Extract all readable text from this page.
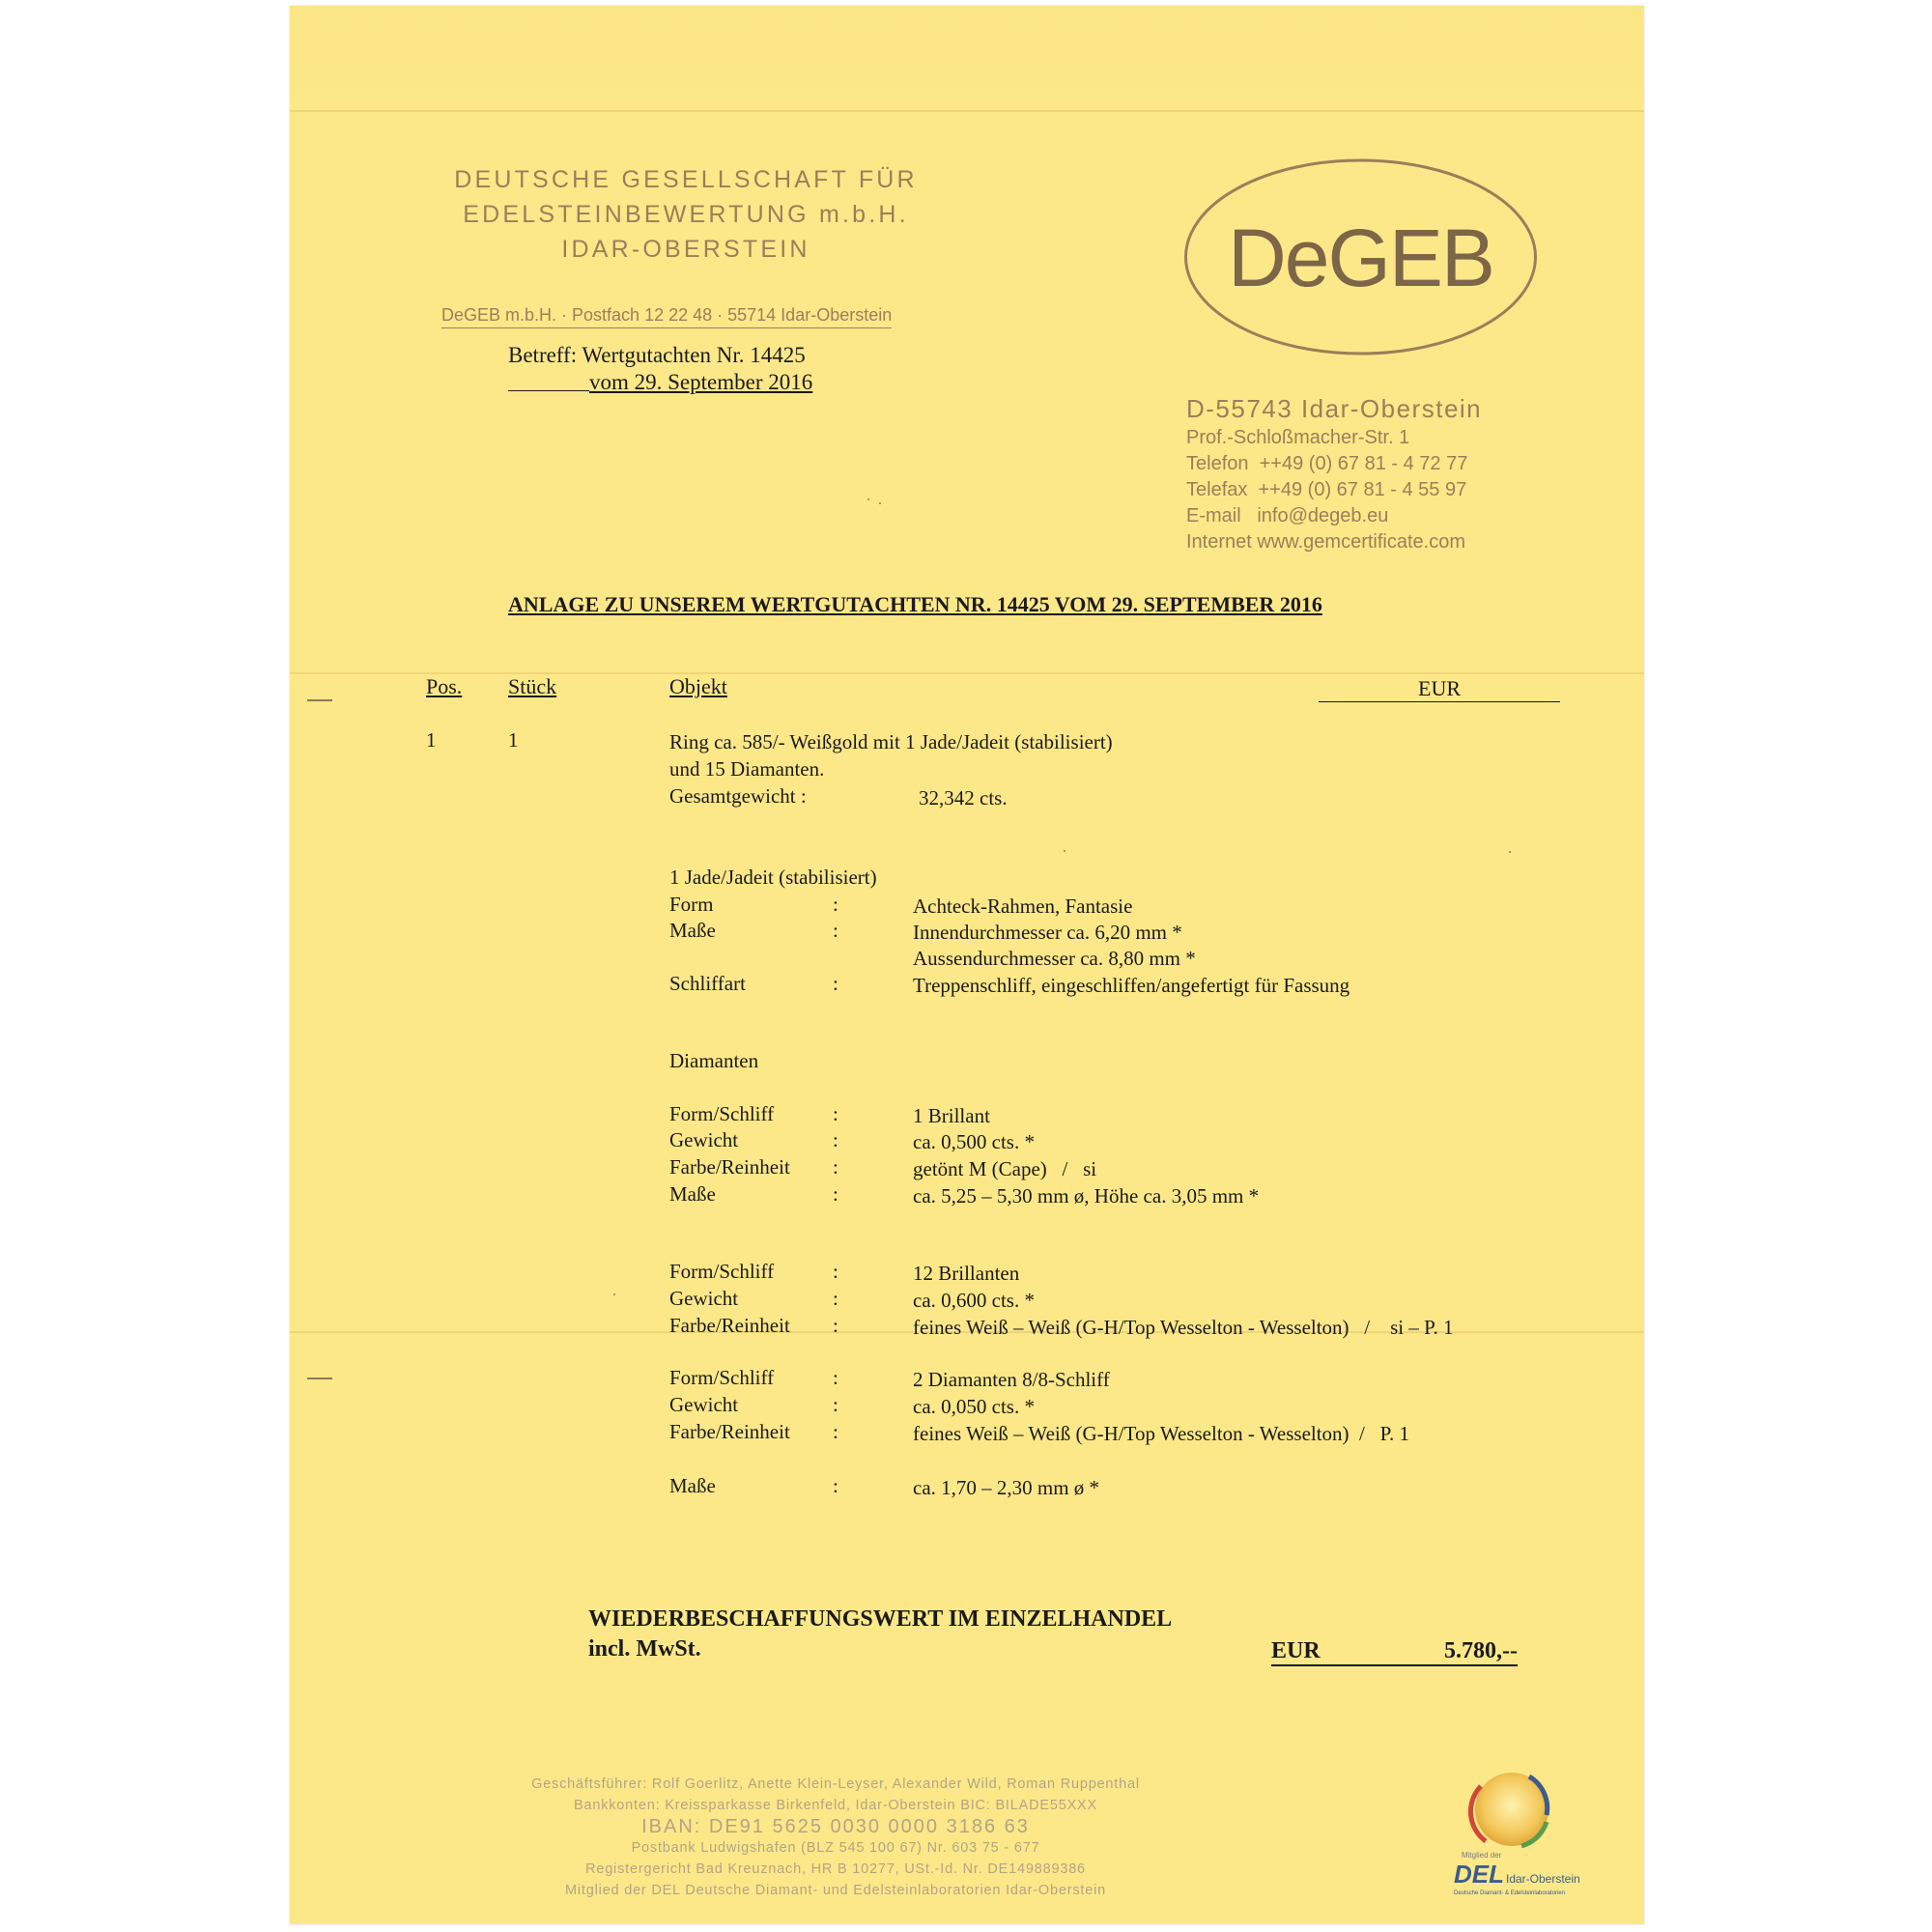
DEUTSCHE GESELLSCHAFT FÜR
EDELSTEINBEWERTUNG m.b.H.
IDAR-OBERSTEIN
DeGEB m.b.H. · Postfach 12 22 48 · 55714 Idar-Oberstein
Betreff: Wertgutachten Nr. 14425
vom 29. September 2016
DeGEB
D-55743 Idar-Oberstein
Prof.-Schloßmacher-Str. 1
Telefon ++49 (0) 67 81 - 4 72 77
Telefax ++49 (0) 67 81 - 4 55 97
E-mail info@degeb.eu
Internet www.gemcertificate.com
ANLAGE ZU UNSEREM WERTGUTACHTEN NR. 14425 VOM 29. SEPTEMBER 2016
Pos. Stück	Objekt	EUR
1	1	Ring ca. 585/- Weißgold mit 1 Jade/Jadeit (stabilisiert)
und 15 Diamanten.
Gesamtgewicht :	32,342 cts.
1 Jade/Jadeit (stabilisiert)
Form	:	Achteck-Rahmen, Fantasie
Maße	:	Innendurchmesser ca. 6,20 mm *
Aussendurchmesser ca. 8,80 mm *
Schliffart	:	Treppenschliff, eingeschliffen/angefertigt für Fassung
Diamanten
Form/Schliff	:	1 Brillant
Gewicht	:	ca. 0,500 cts. *
Farbe/Reinheit :	getönt M (Cape)   /   si
Maße	:	ca. 5,25 – 5,30 mm ø, Höhe ca. 3,05 mm *
Form/Schliff	:	12 Brillanten
Gewicht	:	ca. 0,600 cts. *
Farbe/Reinheit :	feines Weiß – Weiß (G-H/Top Wesselton - Wesselton)   /    si – P. 1
Form/Schliff	:	2 Diamanten 8/8-Schliff
Gewicht	:	ca. 0,050 cts. *
Farbe/Reinheit :	feines Weiß – Weiß (G-H/Top Wesselton - Wesselton)  /   P. 1
Maße	:	ca. 1,70 – 2,30 mm ø *
WIEDERBESCHAFFUNGSWERT IM EINZELHANDEL
incl. MwSt.	EUR	5.780,--
Geschäftsführer: Rolf Goerlitz, Anette Klein-Leyser, Alexander Wild, Roman Ruppenthal
Bankkonten: Kreissparkasse Birkenfeld, Idar-Oberstein BIC: BILADE55XXX
IBAN: DE91 5625 0030 0000 3186 63
Postbank Ludwigshafen (BLZ 545 100 67) Nr. 603 75 - 677
Registergericht Bad Kreuznach, HR B 10277, USt.-Id. Nr. DE149889386
Mitglied der DEL Deutsche Diamant- und Edelsteinlaboratorien Idar-Oberstein
Mitglied der
DEL Idar-Oberstein
Deutsche Diamant- & Edelsteinlaboratorien
